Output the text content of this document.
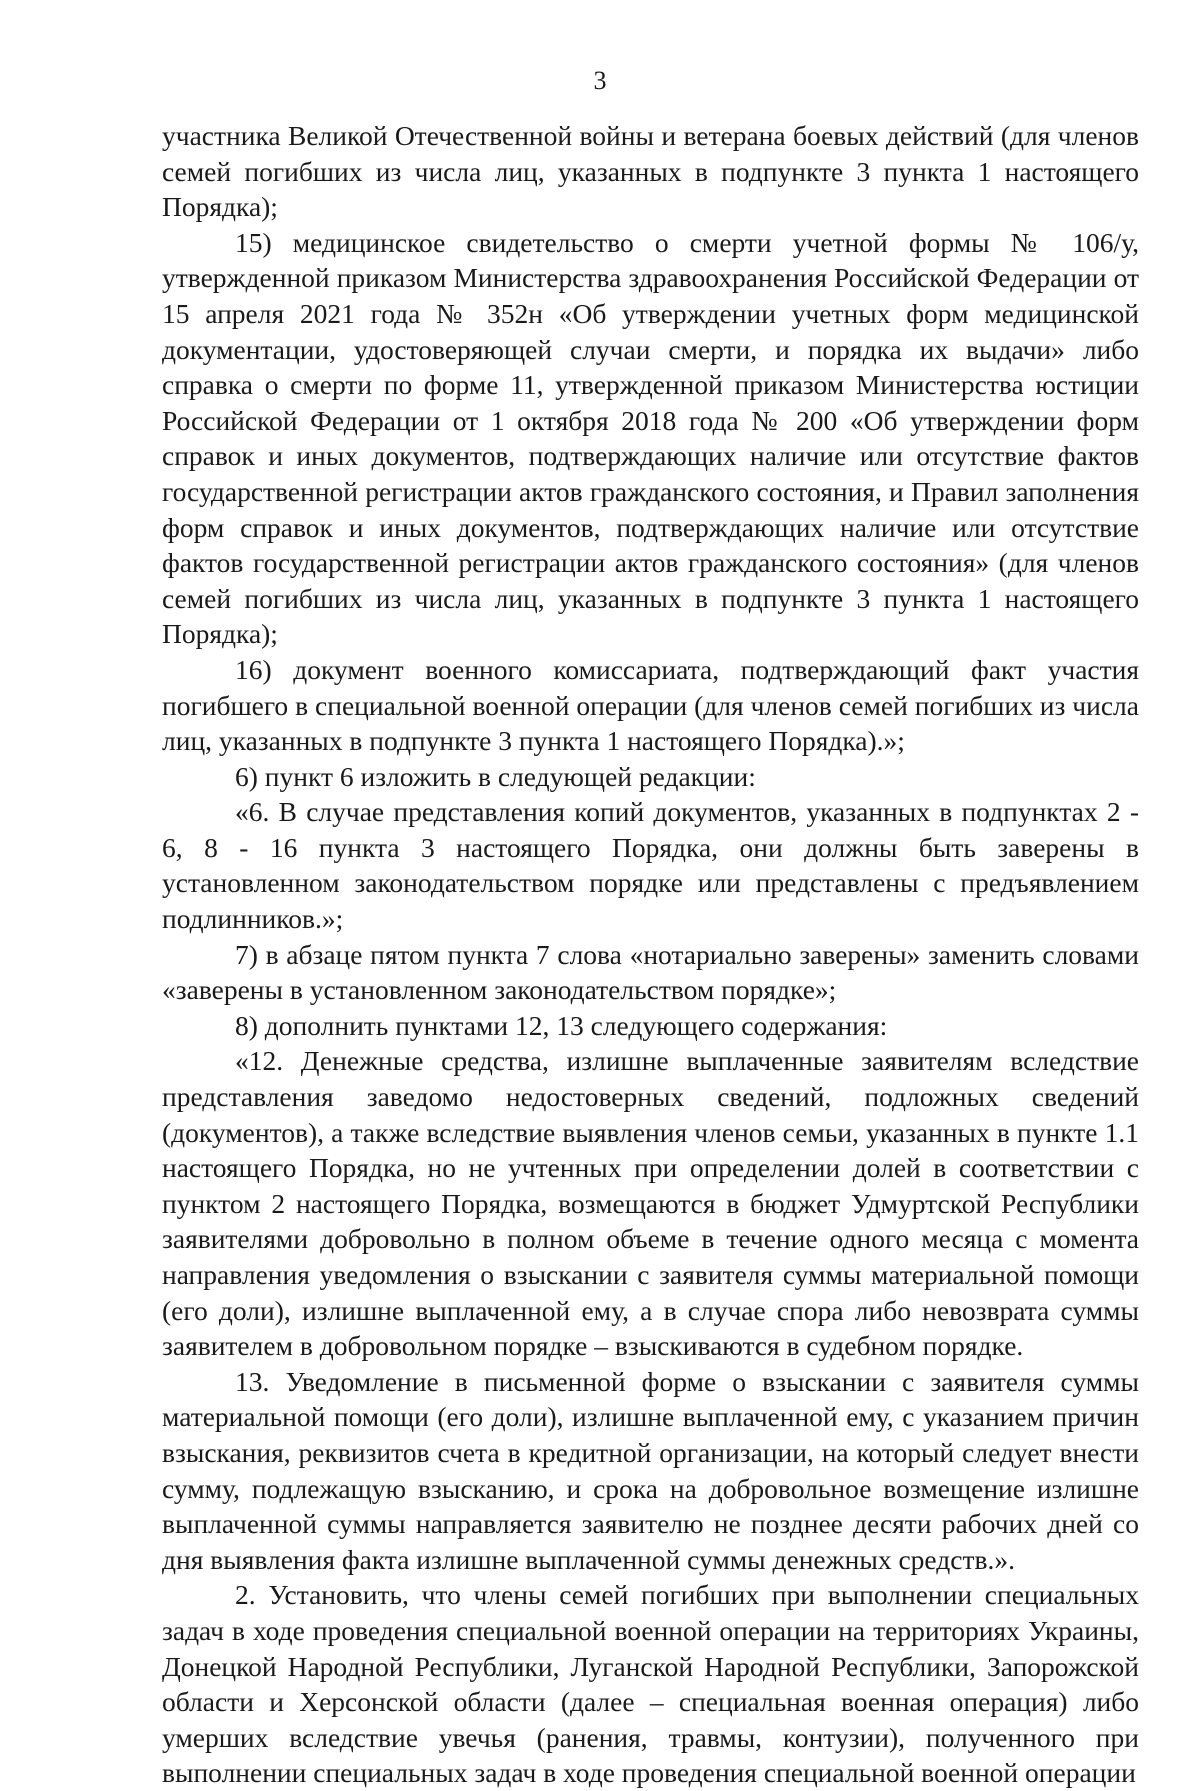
3

участника Великой Отечественной войны и ветерана боевых действий (для членов семей погибших из числа лиц, указанных в подпункте 3 пункта 1 настоящего Порядка);

15) медицинское свидетельство о смерти учетной формы № 106/у, утвержденной приказом Министерства здравоохранения Российской Федерации от 15 апреля 2021 года № 352н «Об утверждении учетных форм медицинской документации, удостоверяющей случаи смерти, и порядка их выдачи» либо справка о смерти по форме 11, утвержденной приказом Министерства юстиции Российской Федерации от 1 октября 2018 года № 200 «Об утверждении форм справок и иных документов, подтверждающих наличие или отсутствие фактов государственной регистрации актов гражданского состояния, и Правил заполнения форм справок и иных документов, подтверждающих наличие или отсутствие фактов государственной регистрации актов гражданского состояния» (для членов семей погибших из числа лиц, указанных в подпункте 3 пункта 1 настоящего Порядка);

16) документ военного комиссариата, подтверждающий факт участия погибшего в специальной военной операции (для членов семей погибших из числа лиц, указанных в подпункте 3 пункта 1 настоящего Порядка).»;

6) пункт 6 изложить в следующей редакции:

«6. В случае представления копий документов, указанных в подпунктах 2 - 6, 8 - 16 пункта 3 настоящего Порядка, они должны быть заверены в установленном законодательством порядке или представлены с предъявлением подлинников.»;

7) в абзаце пятом пункта 7 слова «нотариально заверены» заменить словами «заверены в установленном законодательством порядке»;

8) дополнить пунктами 12, 13 следующего содержания:

«12. Денежные средства, излишне выплаченные заявителям вследствие представления заведомо недостоверных сведений, подложных сведений (документов), а также вследствие выявления членов семьи, указанных в пункте 1.1 настоящего Порядка, но не учтенных при определении долей в соответствии с пунктом 2 настоящего Порядка, возмещаются в бюджет Удмуртской Республики заявителями добровольно в полном объеме в течение одного месяца с момента направления уведомления о взыскании с заявителя суммы материальной помощи (его доли), излишне выплаченной ему, а в случае спора либо невозврата суммы заявителем в добровольном порядке – взыскиваются в судебном порядке.

13. Уведомление в письменной форме о взыскании с заявителя суммы материальной помощи (его доли), излишне выплаченной ему, с указанием причин взыскания, реквизитов счета в кредитной организации, на который следует внести сумму, подлежащую взысканию, и срока на добровольное возмещение излишне выплаченной суммы направляется заявителю не позднее десяти рабочих дней со дня выявления факта излишне выплаченной суммы денежных средств.».

2. Установить, что члены семей погибших при выполнении специальных задач в ходе проведения специальной военной операции на территориях Украины, Донецкой Народной Республики, Луганской Народной Республики, Запорожской области и Херсонской области (далее – специальная военная операция) либо умерших вследствие увечья (ранения, травмы, контузии), полученного при выполнении специальных задач в ходе проведения специальной военной операции
